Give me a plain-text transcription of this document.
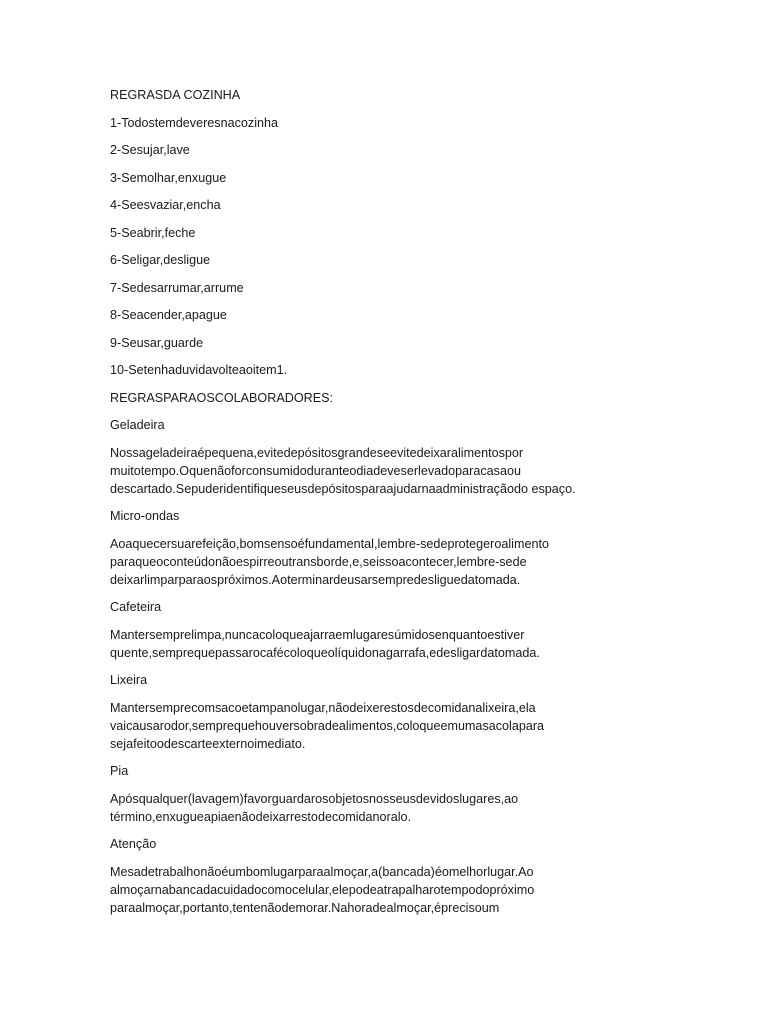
REGRASDA COZINHA

1-Todostemdeveresnacozinha

2-Sesujar,lave

3-Semolhar,enxugue

4-Seesvaziar,encha

5-Seabrir,feche

6-Seligar,desligue

7-Sedesarrumar,arrume

8-Seacender,apague

9-Seusar,guarde

10-Setenhaduvidavolteaoitem1.

REGRASPARAOSCOLABORADORES:

Geladeira

Nossageladeiraépequena,evitedepósitosgrandeseevitedeixaralimentospor
muitotempo.Oquenãoforconsumidoduranteodiadeveserlevadoparacasaou
descartado.Sepuderidentifiqueseusdepósitosparaajudarnaadministraçãodo espaço.

Micro-ondas

Aoaquecersuarefeição,bomsensoéfundamental,lembre-sedeprotegeroalimento
paraqueoconteúdonãoespirreoutransborde,e,seissoacontecer,lembre-sede
deixarlimparparaospróximos.Aoterminardeusarsempredesliguedatomada.

Cafeteira

Mantersemprelimpa,nuncacoloqueajarraemlugaresúmidosenquantoestiver
quente,semprequepassarocafécoloqueolíquidonagarrafa,edesligardatomada.

Lixeira

Mantersemprecomsacoetampanolugar,nãodeixerestosdecomidanalixeira,ela
vaicausarodor,semprequehouversobradealimentos,coloqueemumasacolapara
sejafeitoodescarteexternoimediato.

Pia

Apósqualquer(lavagem)favorguardarosobjetosnosseusdevidoslugares,ao
término,enxugueapiaenãodeixarrestodecomidanoralo.

Atenção

Mesadetrabalhonãoéumbomlugarparaalmoçar,a(bancada)éomelhorlugar.Ao
almoçarnabancadacuidadocomocelular,elepodeatrapalharotempodopróximo
paraalmoçar,portanto,tentenãodemorar.Nahoradealmoçar,éprecisoum
